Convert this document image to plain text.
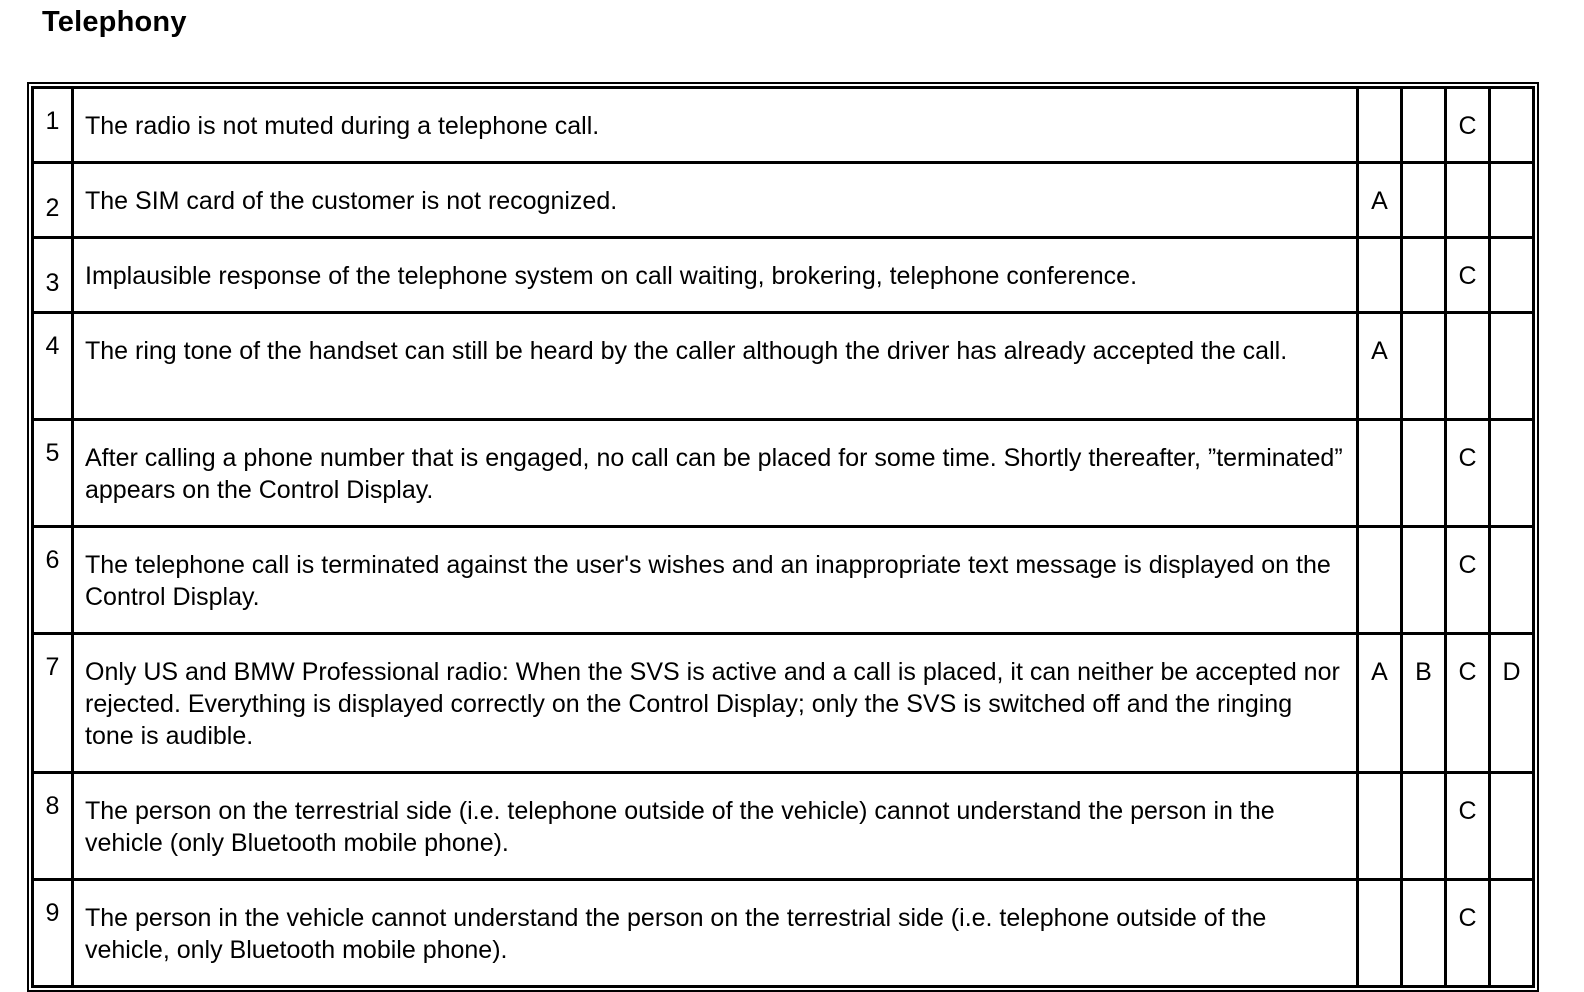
Telephony
1	The radio is not muted during a telephone call.			C	
2	The SIM card of the customer is not recognized.	A			
3	Implausible response of the telephone system on call waiting, brokering, telephone conference.			C	
4	The ring tone of the handset can still be heard by the caller although the driver has already accepted the call.	A			
5	After calling a phone number that is engaged, no call can be placed for some time. Shortly thereafter, ”terminated” appears on the Control Display.			C	
6	The telephone call is terminated against the user's wishes and an inappropriate text message is displayed on the Control Display.			C	
7	Only US and BMW Professional radio: When the SVS is active and a call is placed, it can neither be accepted nor rejected. Everything is displayed correctly on the Control Display; only the SVS is switched off and the ringing tone is audible.	A	B	C	D
8	The person on the terrestrial side (i.e. telephone outside of the vehicle) cannot understand the person in the vehicle (only Bluetooth mobile phone).			C	
9	The person in the vehicle cannot understand the person on the terrestrial side (i.e. telephone outside of the vehicle, only Bluetooth mobile phone).			C	
